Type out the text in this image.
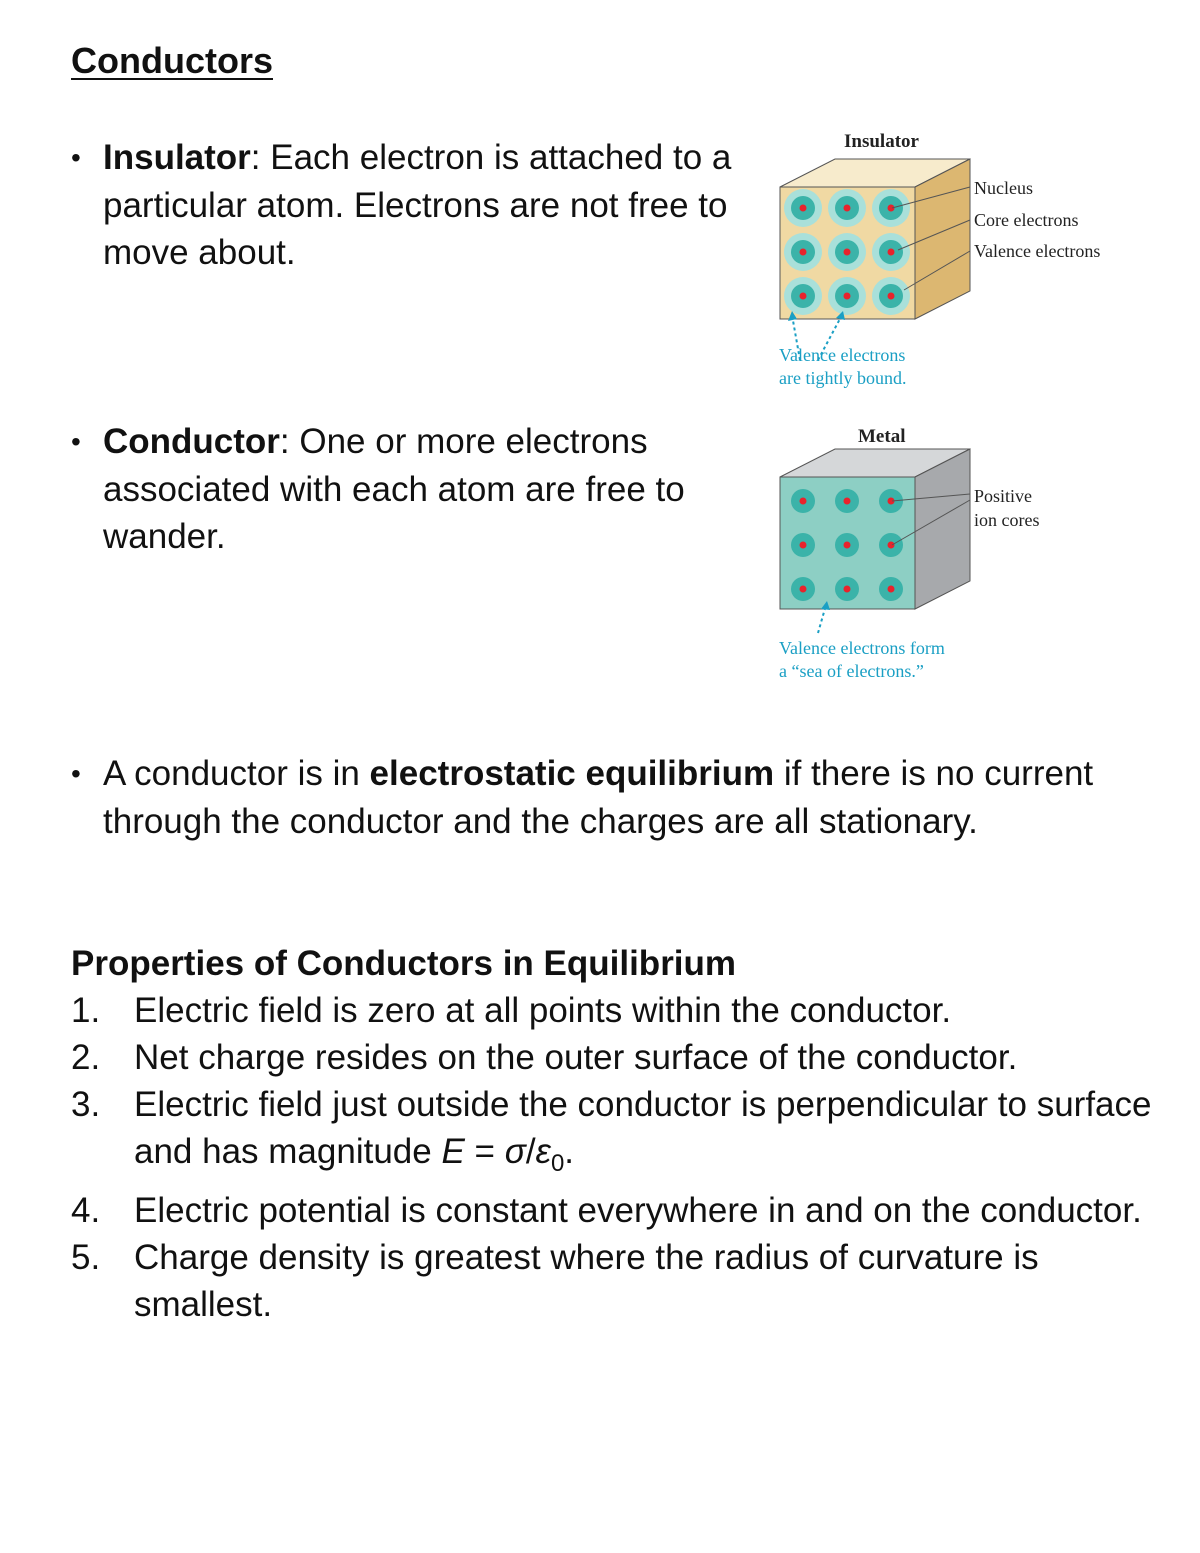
Conductors
• Insulator: Each electron is attached to a particular atom. Electrons are not free to move about.
• Conductor: One or more electrons associated with each atom are free to wander.
• A conductor is in electrostatic equilibrium if there is no current through the conductor and the charges are all stationary.
Insulator
Nucleus
Core electrons
Valence electrons
Valence electrons
are tightly bound.
Metal
Positive
ion cores
Valence electrons form
a “sea of electrons.”
Properties of Conductors in Equilibrium
1. Electric field is zero at all points within the conductor.
2. Net charge resides on the outer surface of the conductor.
3. Electric field just outside the conductor is perpendicular to surface and has magnitude $E = \sigma/\varepsilon_0$.
4. Electric potential is constant everywhere in and on the conductor.
5. Charge density is greatest where the radius of curvature is smallest.
